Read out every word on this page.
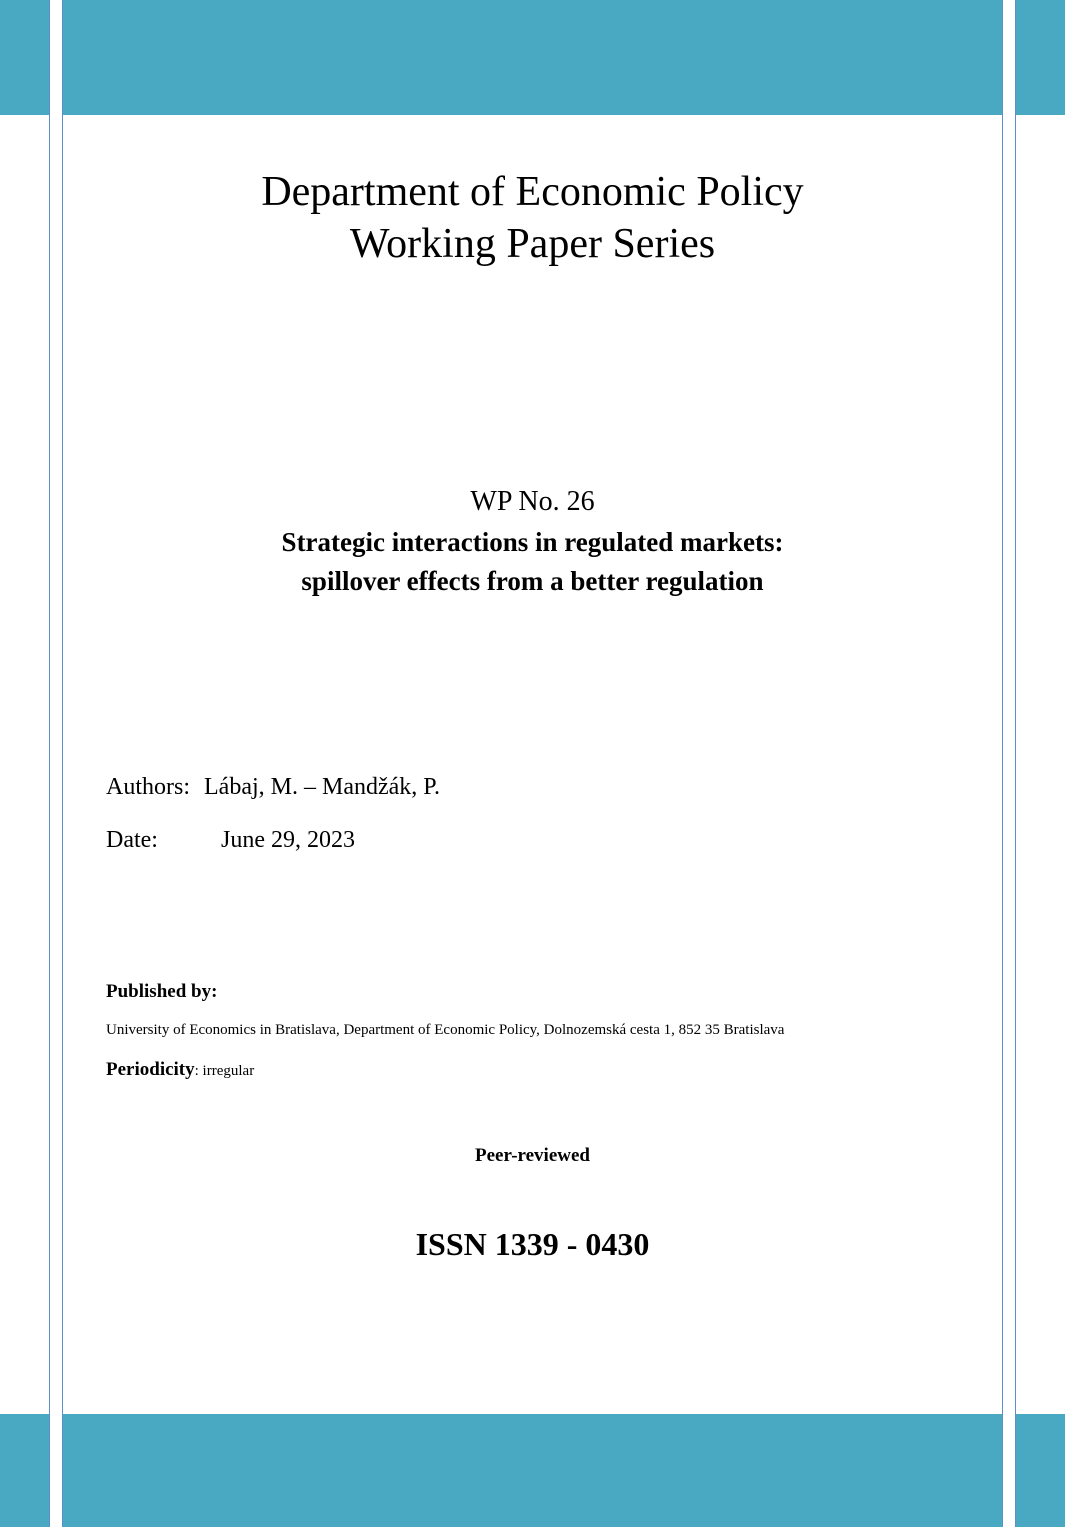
Department of Economic Policy
Working Paper Series
WP No. 26
Strategic interactions in regulated markets:
spillover effects from a better regulation
Authors: Lábaj, M. – Mandžák, P.
Date:	June 29, 2023
Published by:
University of Economics in Bratislava, Department of Economic Policy, Dolnozemská cesta 1, 852 35 Bratislava
Periodicity: irregular
Peer-reviewed
ISSN 1339 - 0430
